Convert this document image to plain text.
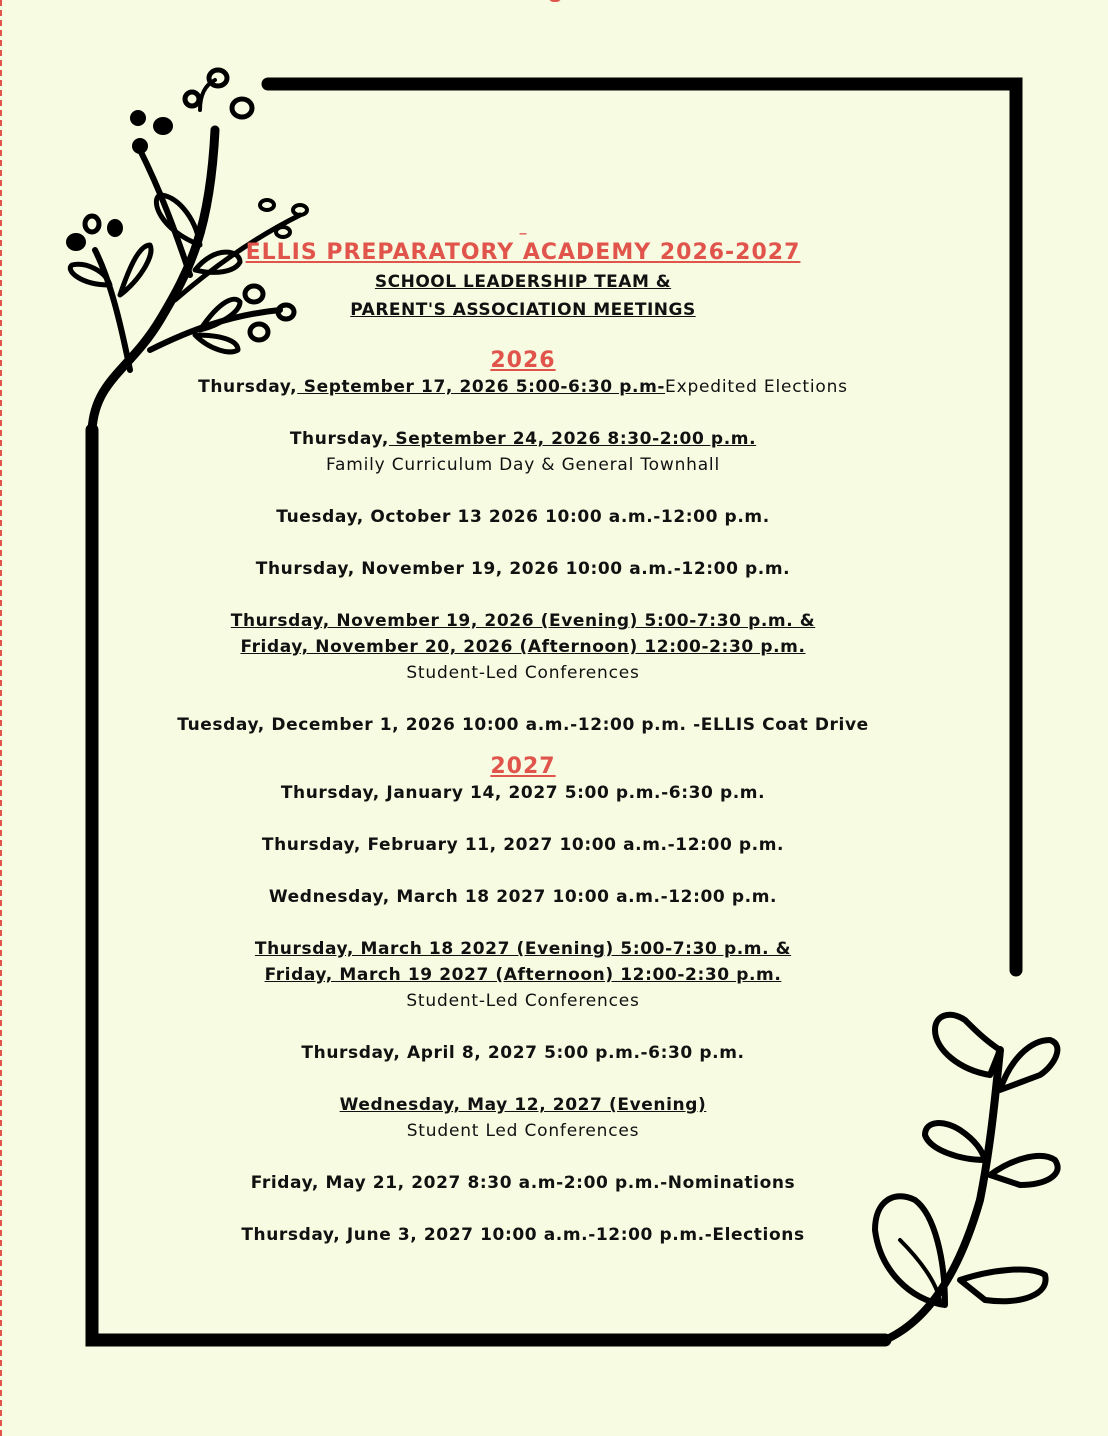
_
ELLIS PREPARATORY ACADEMY 2026-2027
SCHOOL LEADERSHIP TEAM &
PARENT'S ASSOCIATION MEETINGS
2026
Thursday, September 17, 2026 5:00-6:30 p.m-Expedited Elections
Thursday, September 24, 2026 8:30-2:00 p.m.
Family Curriculum Day & General Townhall
Tuesday, October 13 2026 10:00 a.m.-12:00 p.m.
Thursday, November 19, 2026 10:00 a.m.-12:00 p.m.
Thursday, November 19, 2026 (Evening) 5:00-7:30 p.m. &
Friday, November 20, 2026 (Afternoon) 12:00-2:30 p.m.
Student-Led Conferences
Tuesday, December 1, 2026 10:00 a.m.-12:00 p.m. -ELLIS Coat Drive
2027
Thursday, January 14, 2027 5:00 p.m.-6:30 p.m.
Thursday, February 11, 2027 10:00 a.m.-12:00 p.m.
Wednesday, March 18 2027 10:00 a.m.-12:00 p.m.
Thursday, March 18 2027 (Evening) 5:00-7:30 p.m. &
Friday, March 19 2027 (Afternoon) 12:00-2:30 p.m.
Student-Led Conferences
Thursday, April 8, 2027 5:00 p.m.-6:30 p.m.
Wednesday, May 12, 2027 (Evening)
Student Led Conferences
Friday, May 21, 2027 8:30 a.m-2:00 p.m.-Nominations
Thursday, June 3, 2027 10:00 a.m.-12:00 p.m.-Elections
